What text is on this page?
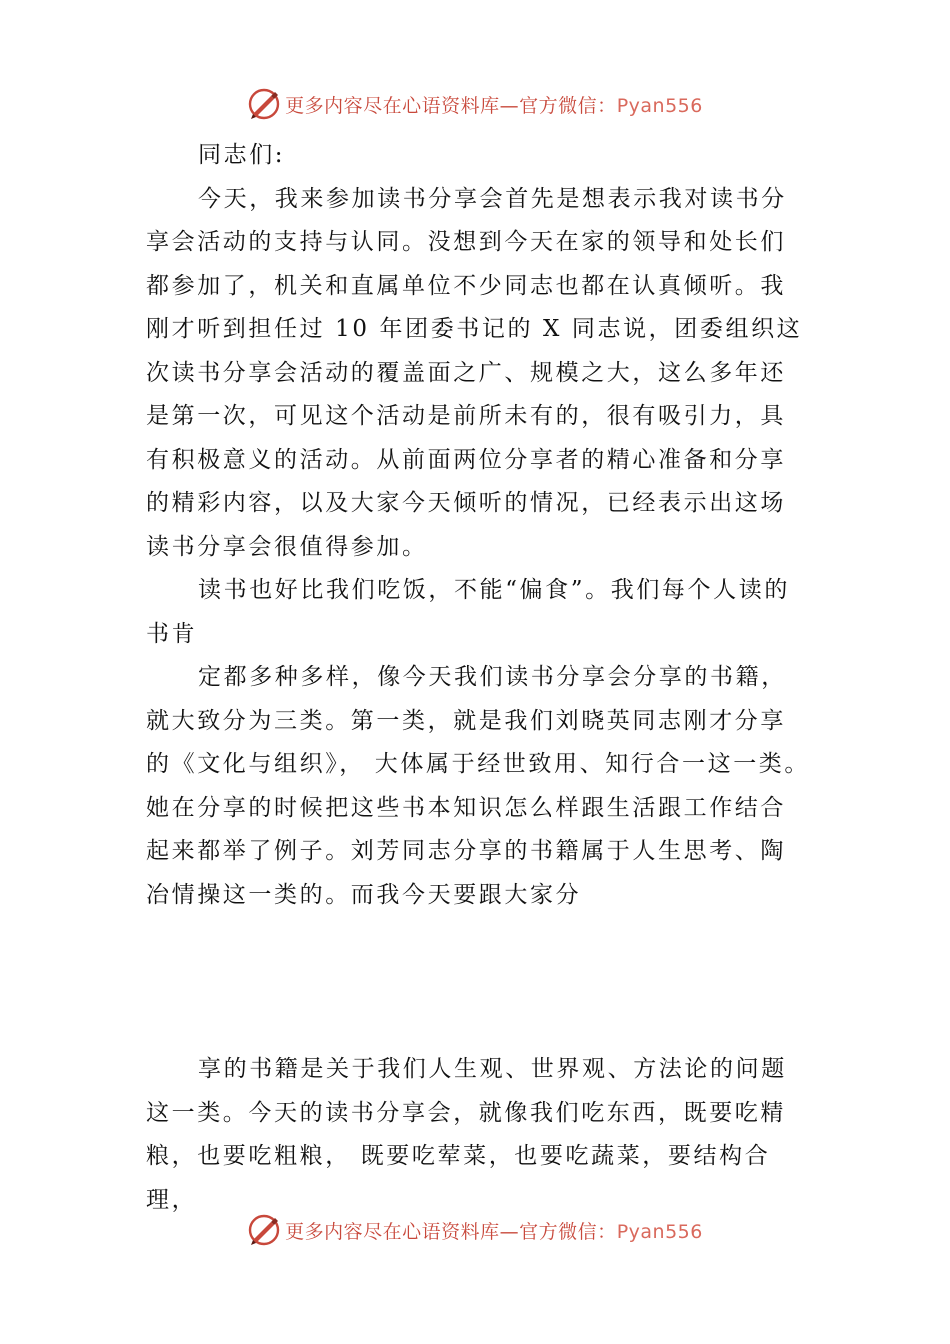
更多内容尽在心语资料库—官方微信：Pyan556

同志们:

今天，我来参加读书分享会首先是想表示我对读书分享会活动的支持与认同。没想到今天在家的领导和处长们都参加了，机关和直属单位不少同志也都在认真倾听。我刚才听到担任过 10 年团委书记的 X 同志说，团委组织这次读书分享会活动的覆盖面之广、规模之大，这么多年还是第一次，可见这个活动是前所未有的，很有吸引力，具有积极意义的活动。从前面两位分享者的精心准备和分享的精彩内容，以及大家今天倾听的情况，已经表示出这场读书分享会很值得参加。

读书也好比我们吃饭，不能“偏食”。我们每个人读的书肯

定都多种多样，像今天我们读书分享会分享的书籍，就大致分为三类。第一类，就是我们刘晓英同志刚才分享的《文化与组织》， 大体属于经世致用、知行合一这一类。她在分享的时候把这些书本知识怎么样跟生活跟工作结合起来都举了例子。刘芳同志分享的书籍属于人生思考、陶冶情操这一类的。而我今天要跟大家分

享的书籍是关于我们人生观、世界观、方法论的问题这一类。今天的读书分享会，就像我们吃东西，既要吃精粮，也要吃粗粮， 既要吃荤菜，也要吃蔬菜，要结构合理，

更多内容尽在心语资料库—官方微信：Pyan556
